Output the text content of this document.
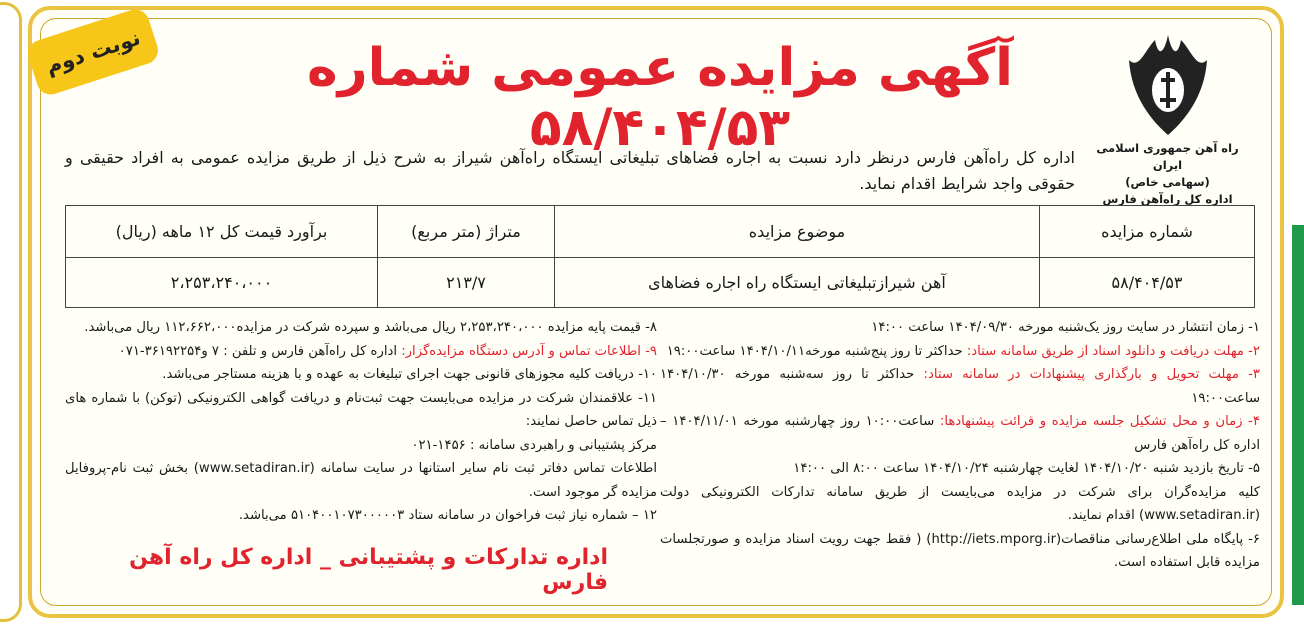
نوبت دوم	آگهی مزایده عمومی شماره ۵۸/۴۰۴/۵۳	راه آهن جمهوری اسلامی ایران
(سهامی خاص)
اداره کل راه‌آهن فارس
اداره کل راه‌آهن فارس درنظر دارد نسبت به اجاره فضاهای تبلیغاتی ایستگاه راه‌آهن شیراز به شرح ذیل از طریق مزایده عمومی به افراد حقیقی و حقوقی واجد شرایط اقدام نماید.
شماره مزایده	موضوع مزایده	متراژ (متر مربع)	برآورد قیمت کل ۱۲ ماهه (ریال)
۵۸/۴۰۴/۵۳	آهن شیرازتبلیغاتی ایستگاه راه اجاره فضاهای	۲۱۳/۷	۲،۲۵۳،۲۴۰،۰۰۰
۱- زمان انتشار در سایت روز یک‌شنبه مورخه ۱۴۰۴/۰۹/۳۰ ساعت ۱۴:۰۰
۲- مهلت دریافت و دانلود اسناد از طریق سامانه ستاد: حداکثر تا روز پنج‌شنبه مورخه۱۴۰۴/۱۰/۱۱ ساعت۱۹:۰۰
۳- مهلت تحویل و بارگذاری پیشنهادات در سامانه ستاد: حداکثر تا روز سه‌شنبه مورخه ۱۴۰۴/۱۰/۳۰ ساعت۱۹:۰۰
۴- زمان و محل تشکیل جلسه مزایده و قرائت پیشنهادها: ساعت۱۰:۰۰ روز چهارشنبه مورخه ۱۴۰۴/۱۱/۰۱ – اداره کل راه‌آهن فارس
۵- تاریخ بازدید شنبه ۱۴۰۴/۱۰/۲۰ لغایت چهارشنبه ۱۴۰۴/۱۰/۲۴ ساعت ۸:۰۰ الی ۱۴:۰۰
کلیه مزایده‌گران برای شرکت در مزایده می‌بایست از طریق سامانه تدارکات الکترونیکی دولت (www.setadiran.ir) اقدام نمایند.
۶- پایگاه ملی اطلاع‌رسانی مناقصات(http://iets.mporg.ir) ( فقط جهت رویت اسناد مزایده و صورتجلسات مزایده قابل استفاده است.
۸- قیمت پایه مزایده ۲،۲۵۳،۲۴۰،۰۰۰ ریال می‌باشد و سپرده شرکت در مزایده۱۱۲،۶۶۲،۰۰۰ ریال می‌باشد.
۹- اطلاعات تماس و آدرس دستگاه مزایده‌گزار: اداره کل راه‌آهن فارس و تلفن : ۷ و۳۶۱۹۲۲۵۴-۰۷۱
۱۰- دریافت کلیه مجوزهای قانونی جهت اجرای تبلیغات به عهده و با هزینه مستاجر می‌باشد.
۱۱- علاقمندان شرکت در مزایده می‌بایست جهت ثبت‌نام و دریافت گواهی الکترونیکی (توکن) با شماره های ذیل تماس حاصل نمایند:
مرکز پشتیبانی و راهبردی سامانه : ۱۴۵۶-۰۲۱
اطلاعات تماس دفاتر ثبت نام سایر استانها در سایت سامانه (www.setadiran.ir) بخش ثبت نام-پروفایل مزایده گر موجود است.
۱۲ – شماره نیاز ثبت فراخوان در سامانه ستاد ۵۱۰۴۰۰۱۰۷۳۰۰۰۰۰۳ می‌باشد.
اداره تدارکات و پشتیبانی _ اداره کل راه آهن فارس
